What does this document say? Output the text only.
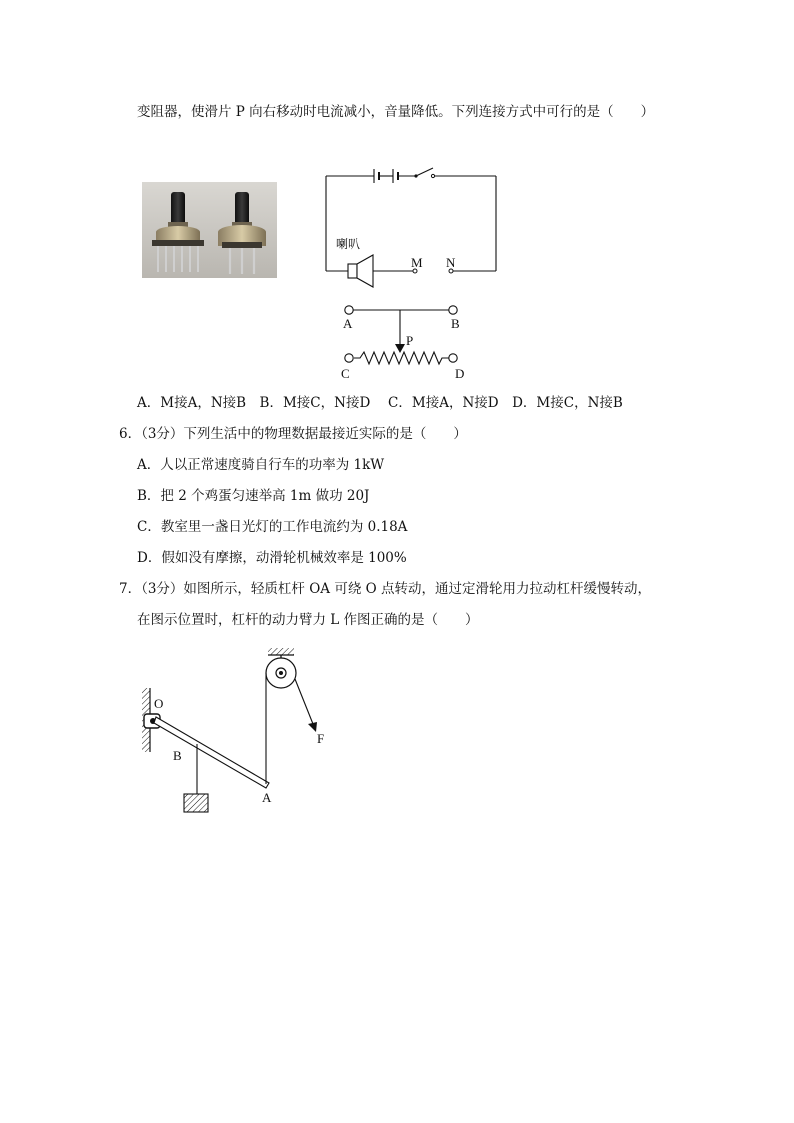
变阻器，使滑片 P 向右移动时电流减小，音量降低。下列连接方式中可行的是（　　）
喇叭
M N
A	B
P
C	D
A．M接A，N接B　B．M接C，N接D　 C．M接A，N接D　D．M接C，N接B
6．（3分）下列生活中的物理数据最接近实际的是（　　）
A．人以正常速度骑自行车的功率为 1kW
B．把 2 个鸡蛋匀速举高 1m 做功 20J
C．教室里一盏日光灯的工作电流约为 0.18A
D．假如没有摩擦，动滑轮机械效率是 100%
7．（3分）如图所示，轻质杠杆 OA 可绕 O 点转动，通过定滑轮用力拉动杠杆缓慢转动，
在图示位置时，杠杆的动力臂力 L 作图正确的是（　　）
O
B
A
F
